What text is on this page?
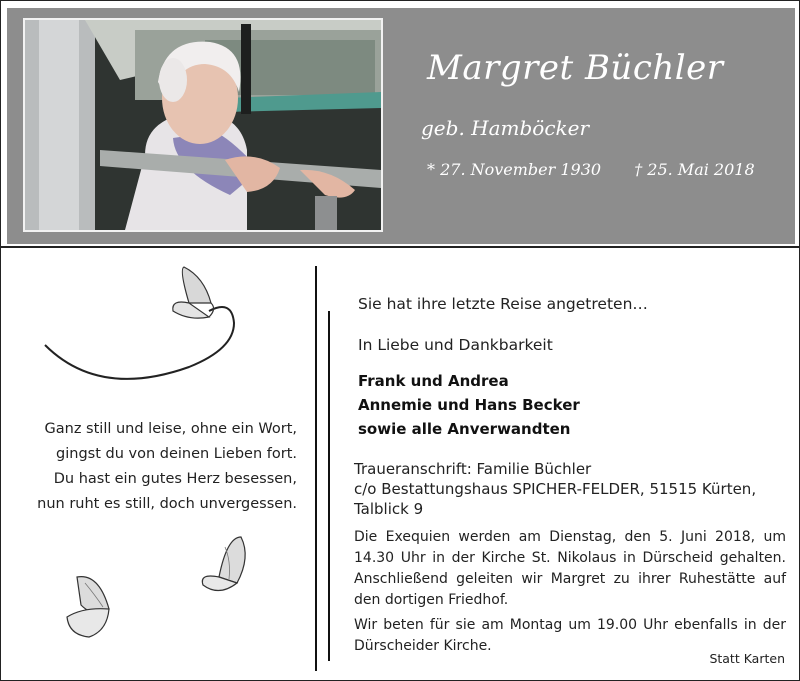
Margret Büchler
geb. Hamböcker
* 27. November 1930 † 25. Mai 2018
Ganz still und leise, ohne ein Wort,
gingst du von deinen Lieben fort.
Du hast ein gutes Herz besessen,
nun ruht es still, doch unvergessen.
Sie hat ihre letzte Reise angetreten…
In Liebe und Dankbarkeit
Frank und Andrea
Annemie und Hans Becker
sowie alle Anverwandten
Traueranschrift: Familie Büchler
c/o Bestattungshaus SPICHER-FELDER, 51515 Kürten,
Talblick 9
Die Exequien werden am Dienstag, den 5. Juni 2018, um 14.30 Uhr in der Kirche St. Nikolaus in Dürscheid gehalten. Anschließend geleiten wir Margret zu ihrer Ruhestätte auf den dortigen Friedhof.
Wir beten für sie am Montag um 19.00 Uhr ebenfalls in der Dürscheider Kirche.
Statt Karten
